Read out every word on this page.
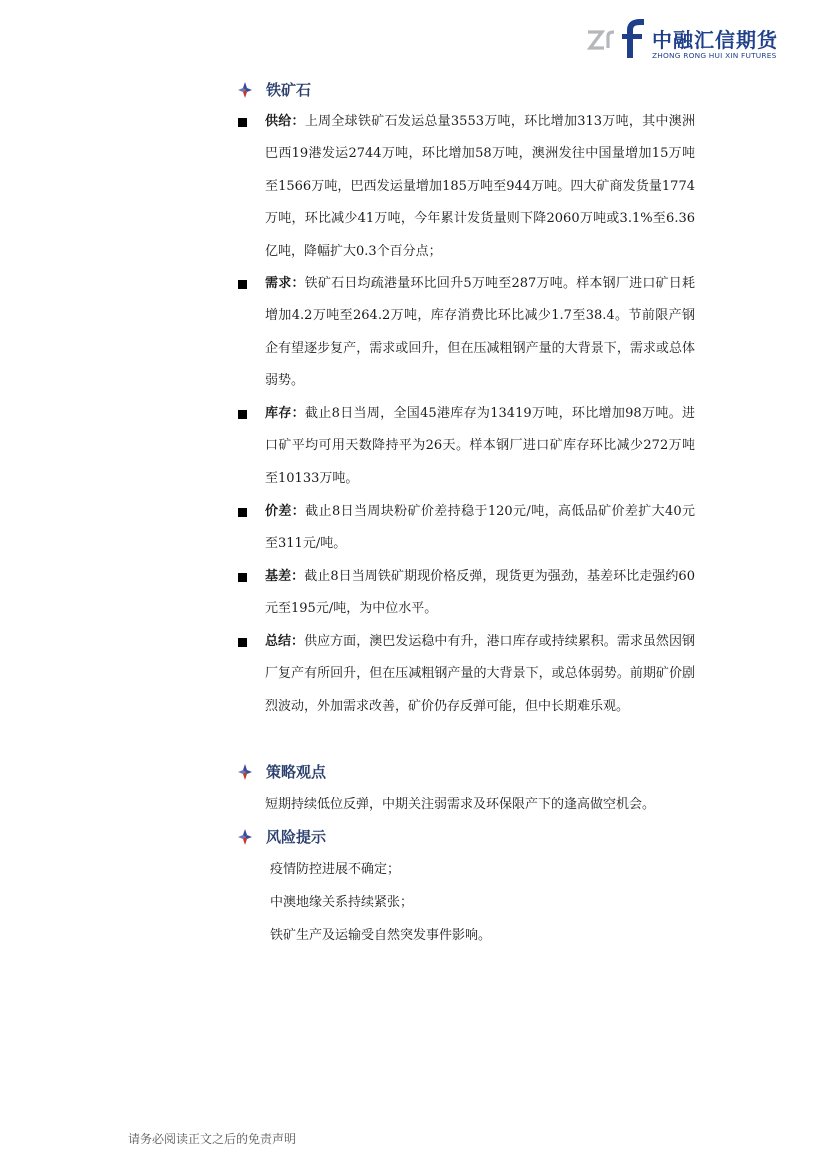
中融汇信期货
ZHONG RONG HUI XIN FUTURES
铁矿石
供给：上周全球铁矿石发运总量3553万吨，环比增加313万吨，其中澳洲巴西19港发运2744万吨，环比增加58万吨，澳洲发往中国量增加15万吨至1566万吨，巴西发运量增加185万吨至944万吨。四大矿商发货量1774万吨，环比减少41万吨，今年累计发货量则下降2060万吨或3.1%至6.36亿吨，降幅扩大0.3个百分点；
需求：铁矿石日均疏港量环比回升5万吨至287万吨。样本钢厂进口矿日耗增加4.2万吨至264.2万吨，库存消费比环比减少1.7至38.4。节前限产钢企有望逐步复产，需求或回升，但在压减粗钢产量的大背景下，需求或总体弱势。
库存：截止8日当周，全国45港库存为13419万吨，环比增加98万吨。进口矿平均可用天数降持平为26天。样本钢厂进口矿库存环比减少272万吨至10133万吨。
价差：截止8日当周块粉矿价差持稳于120元/吨，高低品矿价差扩大40元至311元/吨。
基差：截止8日当周铁矿期现价格反弹，现货更为强劲，基差环比走强约60元至195元/吨，为中位水平。
总结：供应方面，澳巴发运稳中有升，港口库存或持续累积。需求虽然因钢厂复产有所回升，但在压减粗钢产量的大背景下，或总体弱势。前期矿价剧烈波动，外加需求改善，矿价仍存反弹可能，但中长期难乐观。
策略观点
短期持续低位反弹，中期关注弱需求及环保限产下的逢高做空机会。
风险提示
疫情防控进展不确定；
中澳地缘关系持续紧张；
铁矿生产及运输受自然突发事件影响。
请务必阅读正文之后的免责声明
